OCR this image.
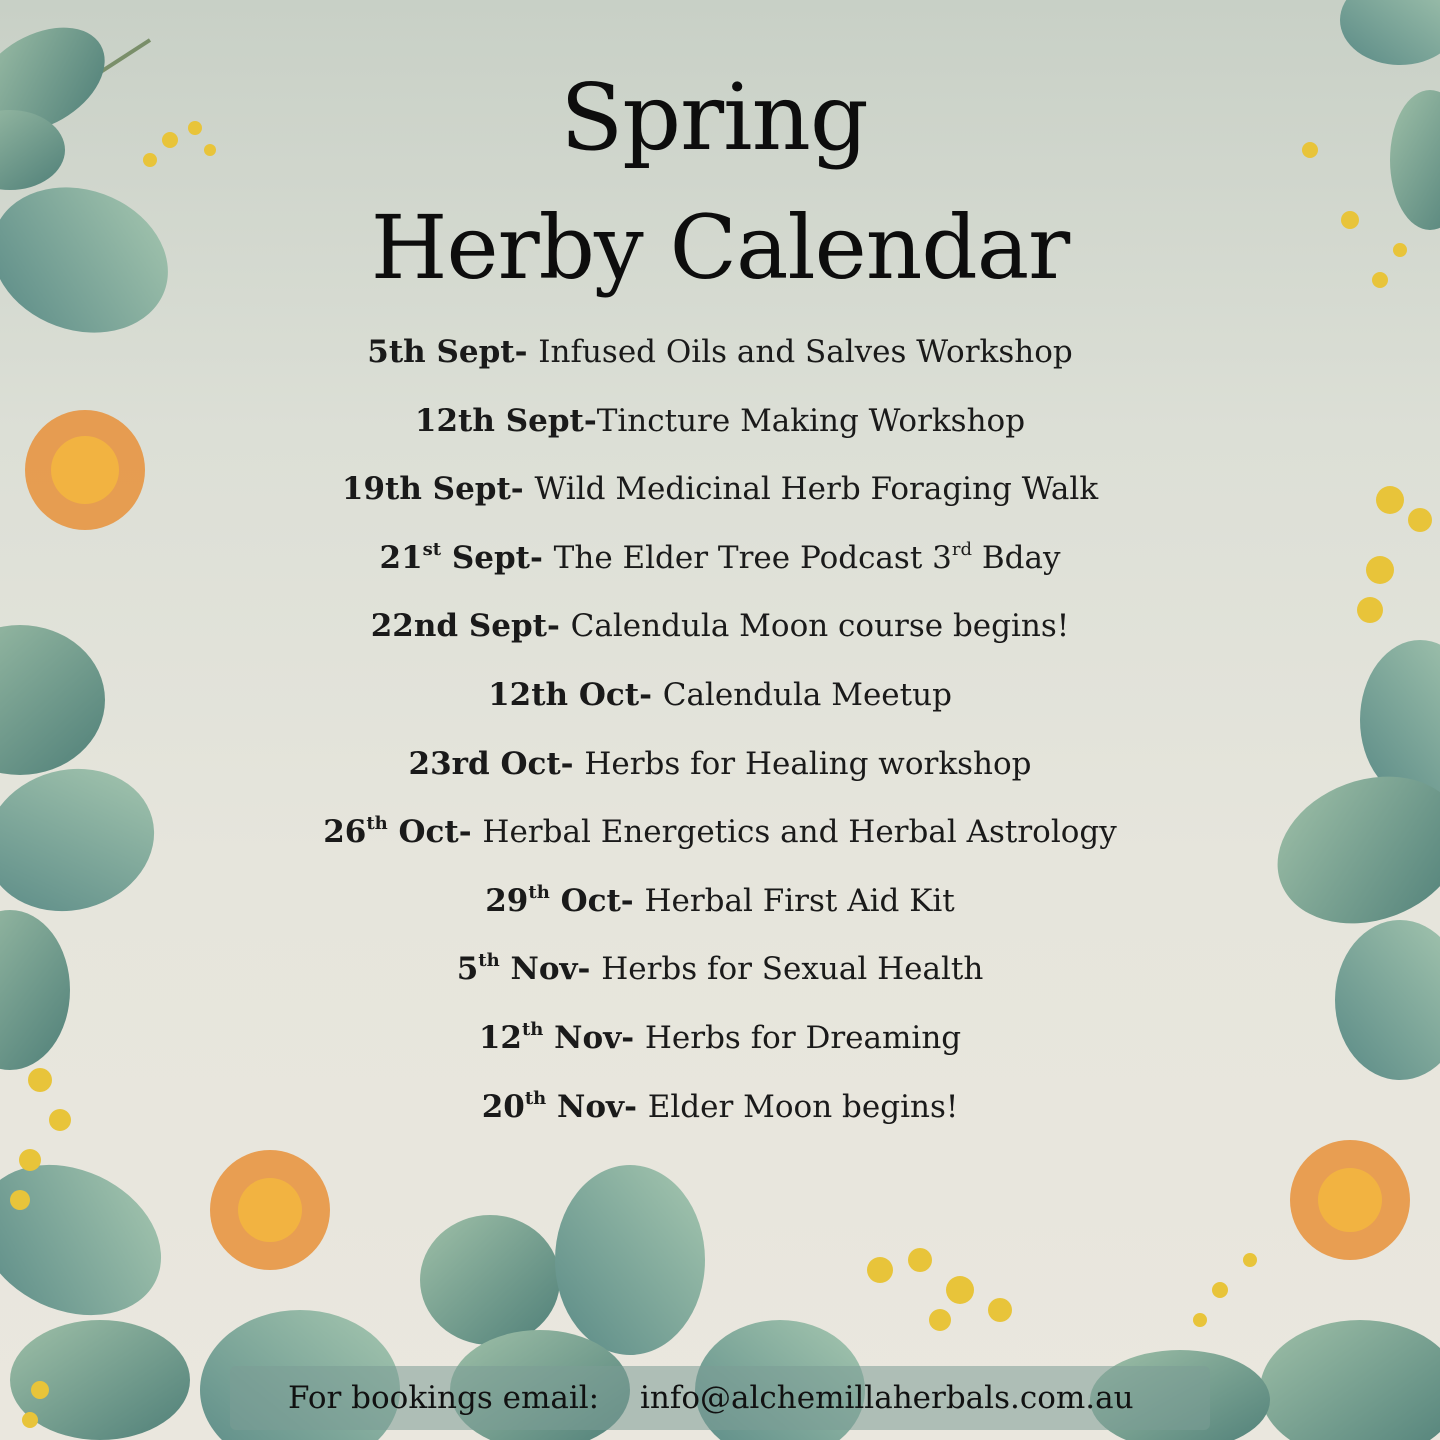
Spring
Herby Calendar
5th Sept- Infused Oils and Salves Workshop
12th Sept-Tincture Making Workshop
19th Sept- Wild Medicinal Herb Foraging Walk
21st Sept- The Elder Tree Podcast 3rd Bday
22nd Sept- Calendula Moon course begins!
12th Oct- Calendula Meetup
23rd Oct- Herbs for Healing workshop
26th Oct- Herbal Energetics and Herbal Astrology
29th Oct- Herbal First Aid Kit
5th Nov- Herbs for Sexual Health
12th Nov- Herbs for Dreaming
20th Nov- Elder Moon begins!
For bookings email: info@alchemillaherbals.com.au
